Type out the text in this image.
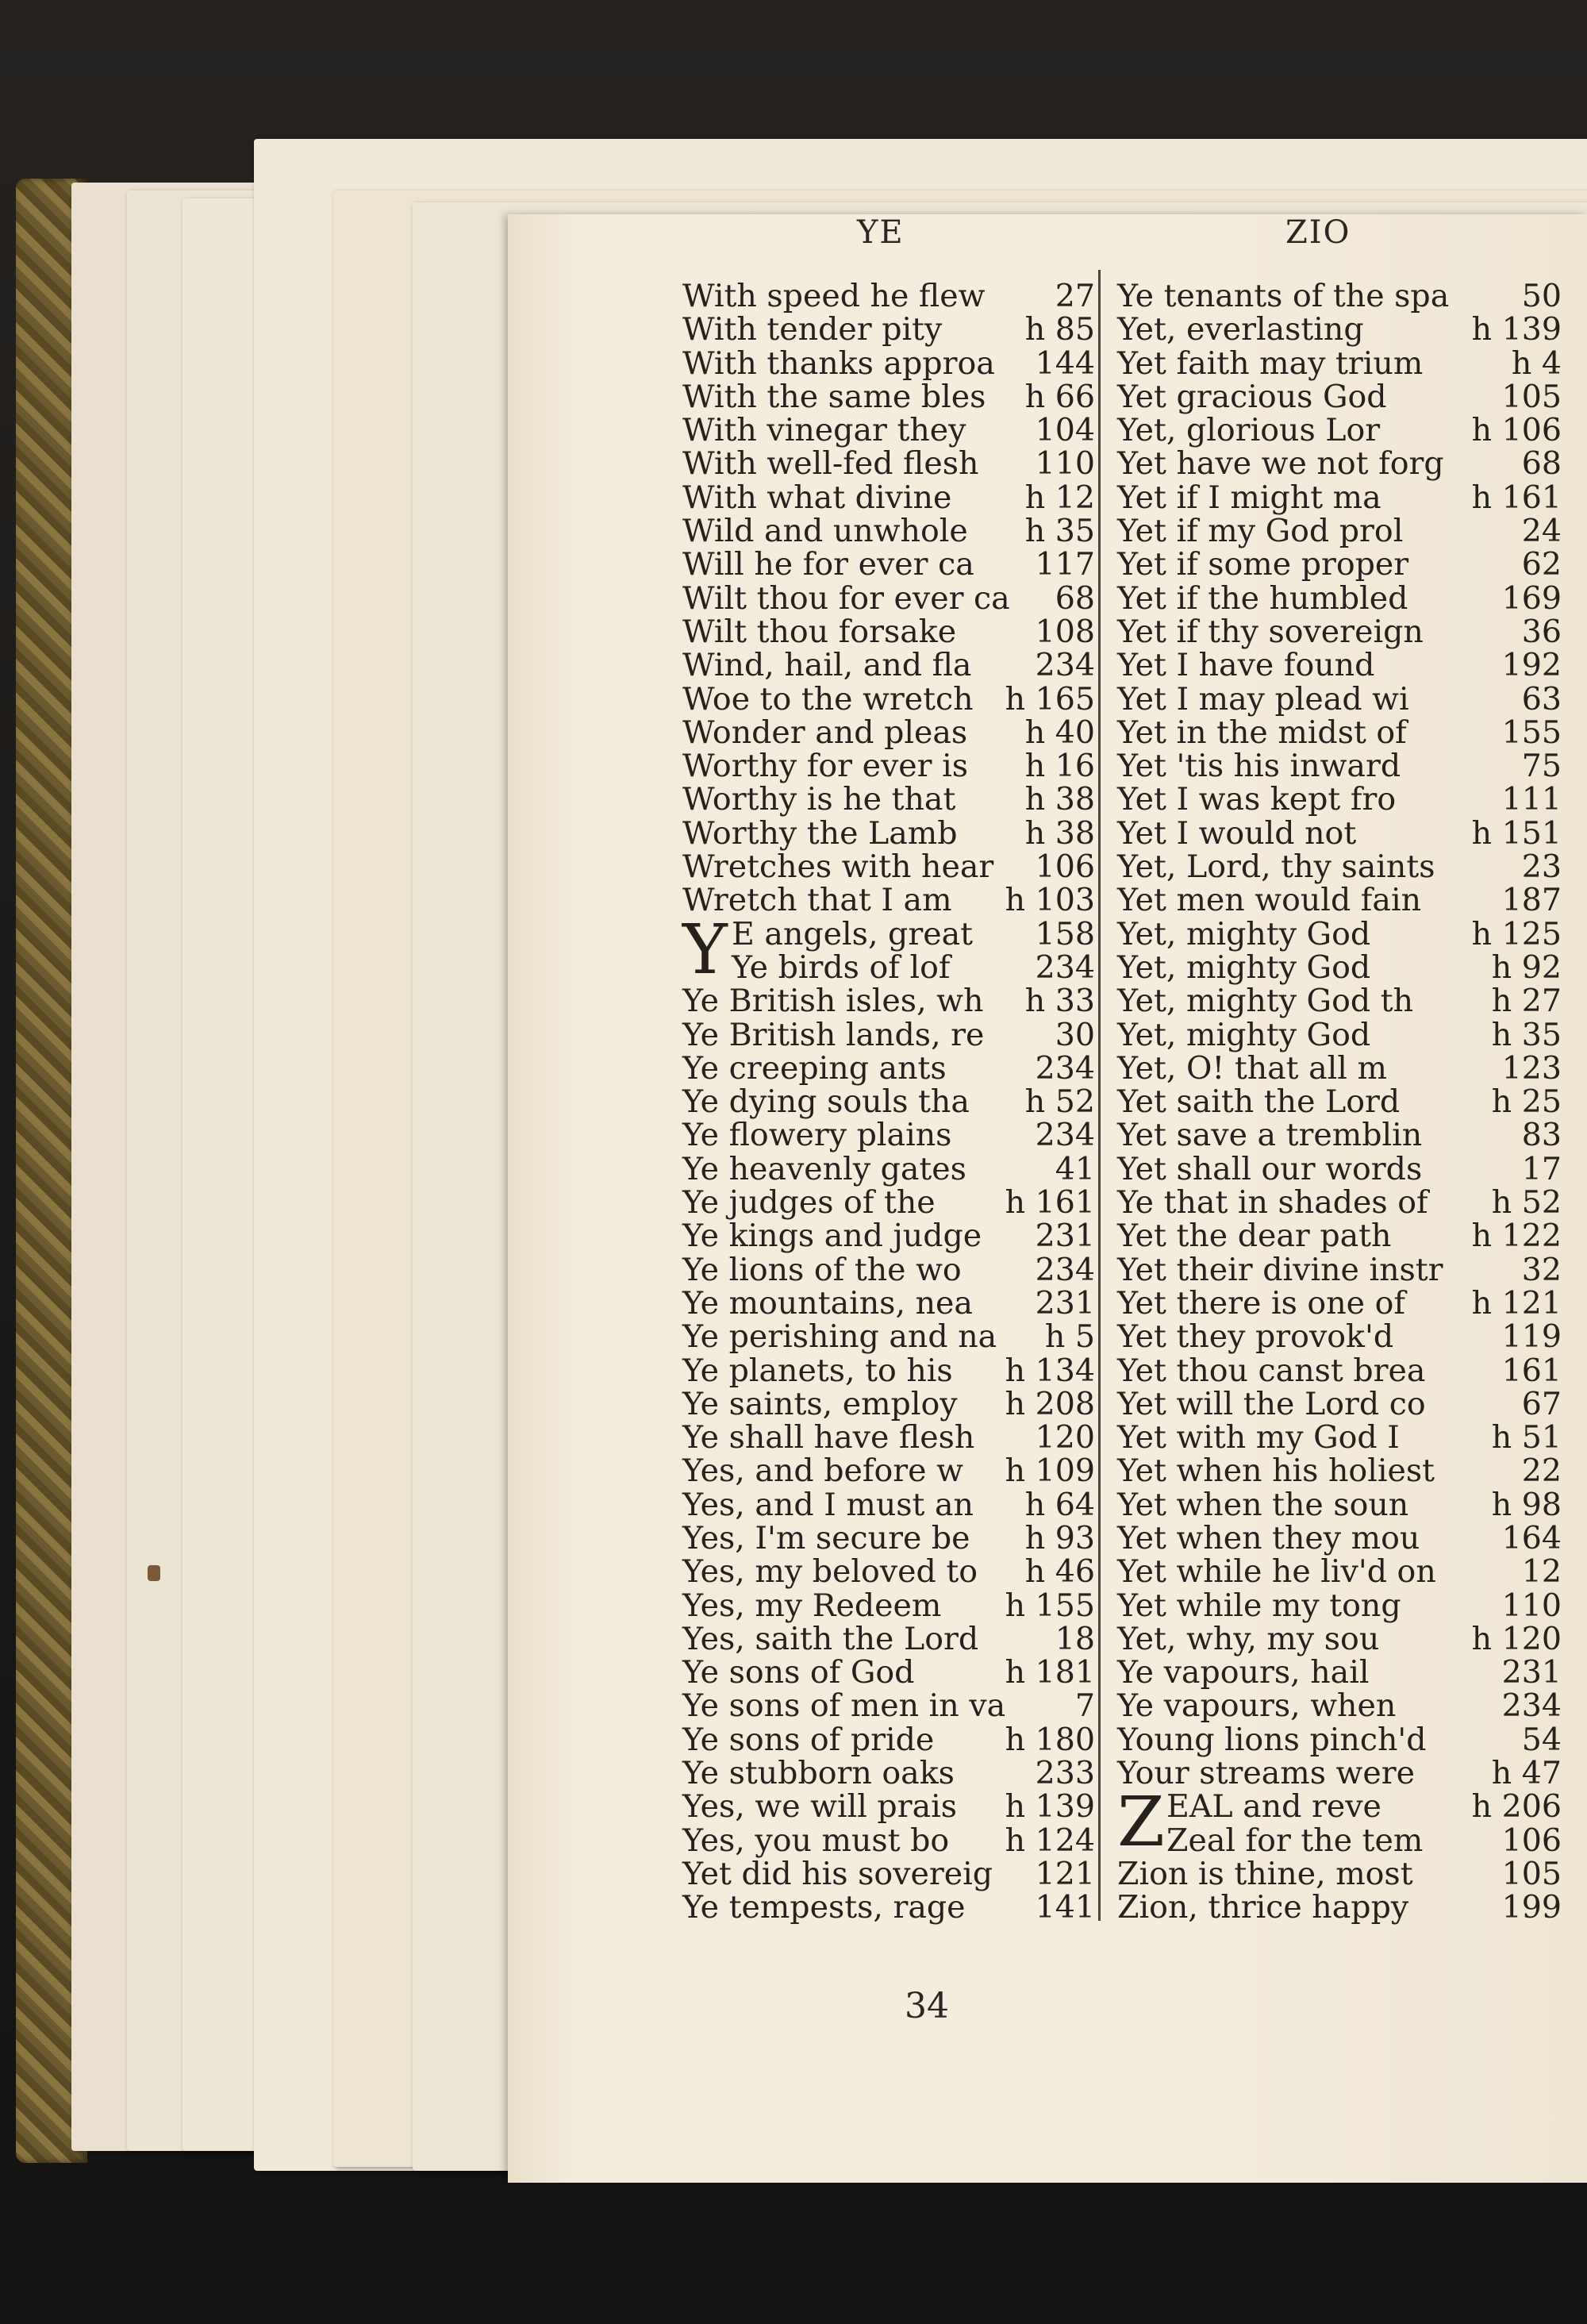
YE	ZIO
With speed he flew 27
With tender pity	h 85
With thanks approa 144
With the same bles h 66
With vinegar they 104
With well-fed flesh 110
With what divine h 12
Wild and unwhole h 35
Will he for ever ca 117
Wilt thou for ever ca 68
Wilt thou forsake	108
Wind, hail, and fla 234
Woe to the wretch h 165
Wonder and pleas h 40
Worthy for ever is h 16
Worthy is he that h 38
Worthy the Lamb h 38
Wretches with hear 106
Wretch that I am h 103
Y E angels, great 158
Ye birds of lof	234
Ye British isles, wh h 33
Ye British lands, re 30
Ye creeping ants	234
Ye dying souls tha h 52
Ye flowery plains	234
Ye heavenly gates	41
Ye judges of the h 161
Ye kings and judge 231
Ye lions of the wo 234
Ye mountains, nea 231
Ye perishing and na h 5
Ye planets, to his h 134
Ye saints, employ h 208
Ye shall have flesh 120
Yes, and before w h 109
Yes, and I must an h 64
Yes, I'm secure be h 93
Yes, my beloved to h 46
Yes, my Redeem h 155
Yes, saith the Lord 18
Ye sons of God	h 181
Ye sons of men in va 7
Ye sons of pride h 180
Ye stubborn oaks	233
Yes, we will prais h 139
Yes, you must bo h 124
Yet did his sovereig 121
Ye tempests, rage 141
Ye tenants of the spa 50
Yet, everlasting	h 139
Yet faith may trium	h 4
Yet gracious God	105
Yet, glorious Lor	h 106
Yet have we not forg 68
Yet if I might ma	h 161
Yet if my God prol	24
Yet if some proper	62
Yet if the humbled	169
Yet if thy sovereign	36
Yet I have found	192
Yet I may plead wi	63
Yet in the midst of	155
Yet 'tis his inward	75
Yet I was kept fro	111
Yet I would not	h 151
Yet, Lord, thy saints	23
Yet men would fain	187
Yet, mighty God	h 125
Yet, mighty God	h 92
Yet, mighty God th h 27
Yet, mighty God	h 35
Yet, O! that all m	123
Yet saith the Lord	h 25
Yet save a tremblin	83
Yet shall our words	17
Ye that in shades of h 52
Yet the dear path	h 122
Yet their divine instr	32
Yet there is one of h 121
Yet they provok'd	119
Yet thou canst brea 161
Yet will the Lord co	67
Yet with my God I	h 51
Yet when his holiest	22
Yet when the soun	h 98
Yet when they mou	164
Yet while he liv'd on	12
Yet while my tong	110
Yet, why, my sou	h 120
Ye vapours, hail	231
Ye vapours, when	234
Young lions pinch'd	54
Your streams were h 47
Z EAL and reve	h 206
Zeal for the tem	106
Zion is thine, most	105
Zion, thrice happy	199
34
